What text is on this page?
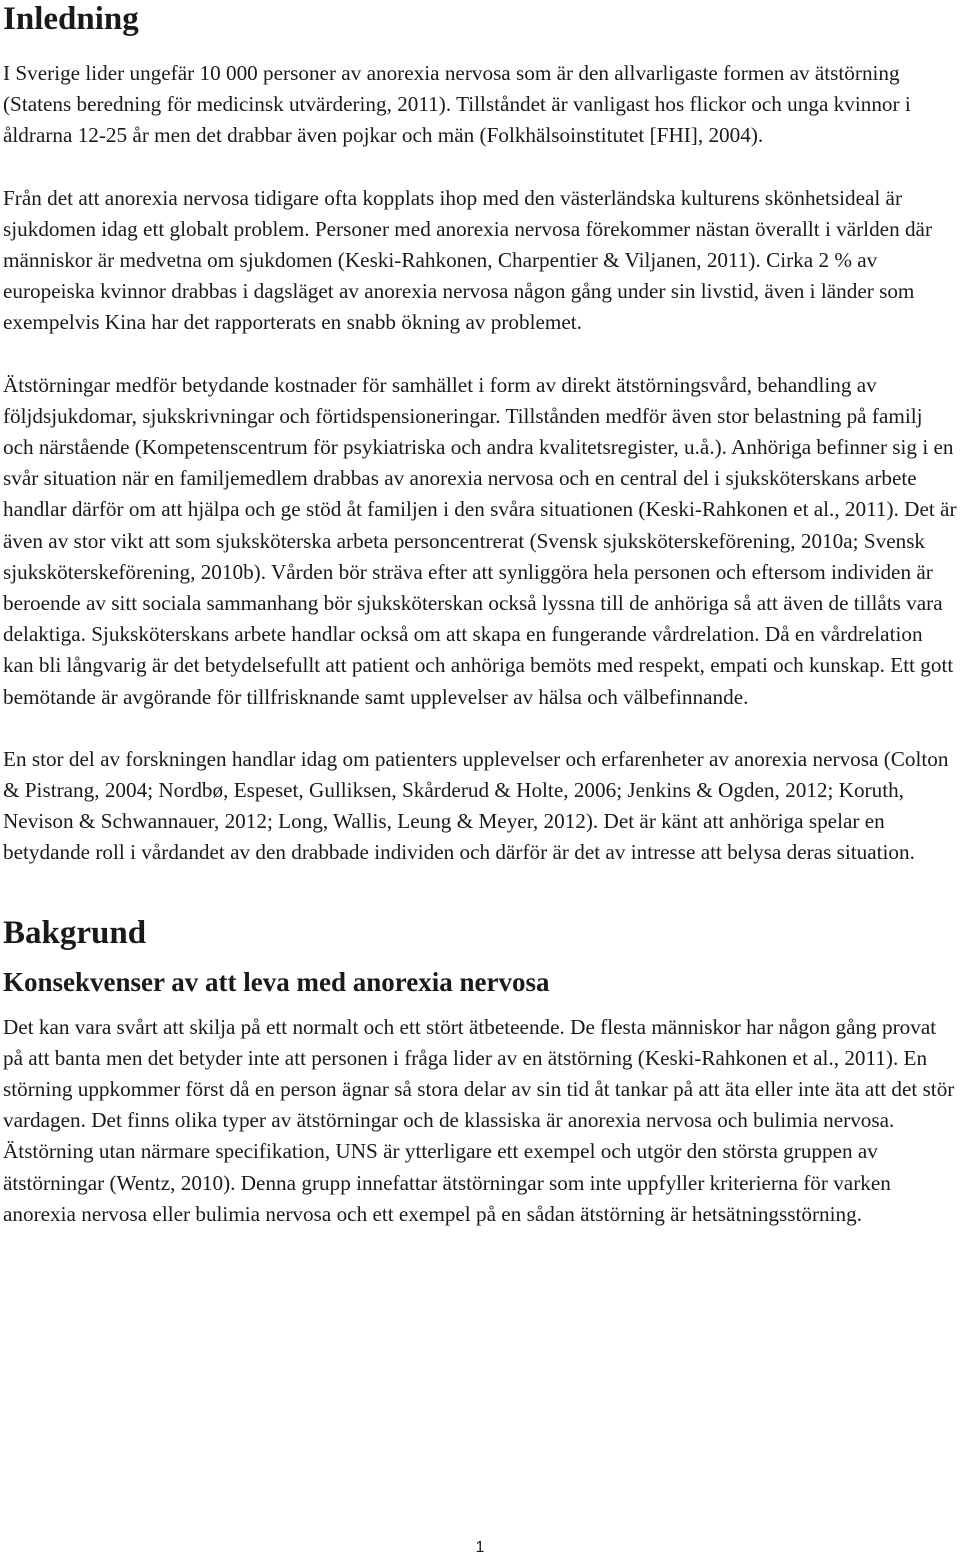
Inledning

I Sverige lider ungefär 10 000 personer av anorexia nervosa som är den allvarligaste formen av ätstörning (Statens beredning för medicinsk utvärdering, 2011). Tillståndet är vanligast hos flickor och unga kvinnor i åldrarna 12-25 år men det drabbar även pojkar och män (Folkhälsoinstitutet [FHI], 2004).

Från det att anorexia nervosa tidigare ofta kopplats ihop med den västerländska kulturens skönhetsideal är sjukdomen idag ett globalt problem. Personer med anorexia nervosa förekommer nästan överallt i världen där människor är medvetna om sjukdomen (Keski-Rahkonen, Charpentier & Viljanen, 2011). Cirka 2 % av europeiska kvinnor drabbas i dagsläget av anorexia nervosa någon gång under sin livstid, även i länder som exempelvis Kina har det rapporterats en snabb ökning av problemet.

Ätstörningar medför betydande kostnader för samhället i form av direkt ätstörningsvård, behandling av följdsjukdomar, sjukskrivningar och förtidspensioneringar. Tillstånden medför även stor belastning på familj och närstående (Kompetenscentrum för psykiatriska och andra kvalitetsregister, u.å.). Anhöriga befinner sig i en svår situation när en familjemedlem drabbas av anorexia nervosa och en central del i sjuksköterskans arbete handlar därför om att hjälpa och ge stöd åt familjen i den svåra situationen (Keski-Rahkonen et al., 2011). Det är även av stor vikt att som sjuksköterska arbeta personcentrerat (Svensk sjuksköterskeförening, 2010a; Svensk sjuksköterskeförening, 2010b). Vården bör sträva efter att synliggöra hela personen och eftersom individen är beroende av sitt sociala sammanhang bör sjuksköterskan också lyssna till de anhöriga så att även de tillåts vara delaktiga. Sjuksköterskans arbete handlar också om att skapa en fungerande vårdrelation. Då en vårdrelation kan bli långvarig är det betydelsefullt att patient och anhöriga bemöts med respekt, empati och kunskap. Ett gott bemötande är avgörande för tillfrisknande samt upplevelser av hälsa och välbefinnande.

En stor del av forskningen handlar idag om patienters upplevelser och erfarenheter av anorexia nervosa (Colton & Pistrang, 2004; Nordbø, Espeset, Gulliksen, Skårderud & Holte, 2006; Jenkins & Ogden, 2012; Koruth, Nevison & Schwannauer, 2012; Long, Wallis, Leung & Meyer, 2012). Det är känt att anhöriga spelar en betydande roll i vårdandet av den drabbade individen och därför är det av intresse att belysa deras situation.

Bakgrund
Konsekvenser av att leva med anorexia nervosa

Det kan vara svårt att skilja på ett normalt och ett stört ätbeteende. De flesta människor har någon gång provat på att banta men det betyder inte att personen i fråga lider av en ätstörning (Keski-Rahkonen et al., 2011). En störning uppkommer först då en person ägnar så stora delar av sin tid åt tankar på att äta eller inte äta att det stör vardagen. Det finns olika typer av ätstörningar och de klassiska är anorexia nervosa och bulimia nervosa. Ätstörning utan närmare specifikation, UNS är ytterligare ett exempel och utgör den största gruppen av ätstörningar (Wentz, 2010). Denna grupp innefattar ätstörningar som inte uppfyller kriterierna för varken anorexia nervosa eller bulimia nervosa och ett exempel på en sådan ätstörning är hetsätningsstörning.

1
